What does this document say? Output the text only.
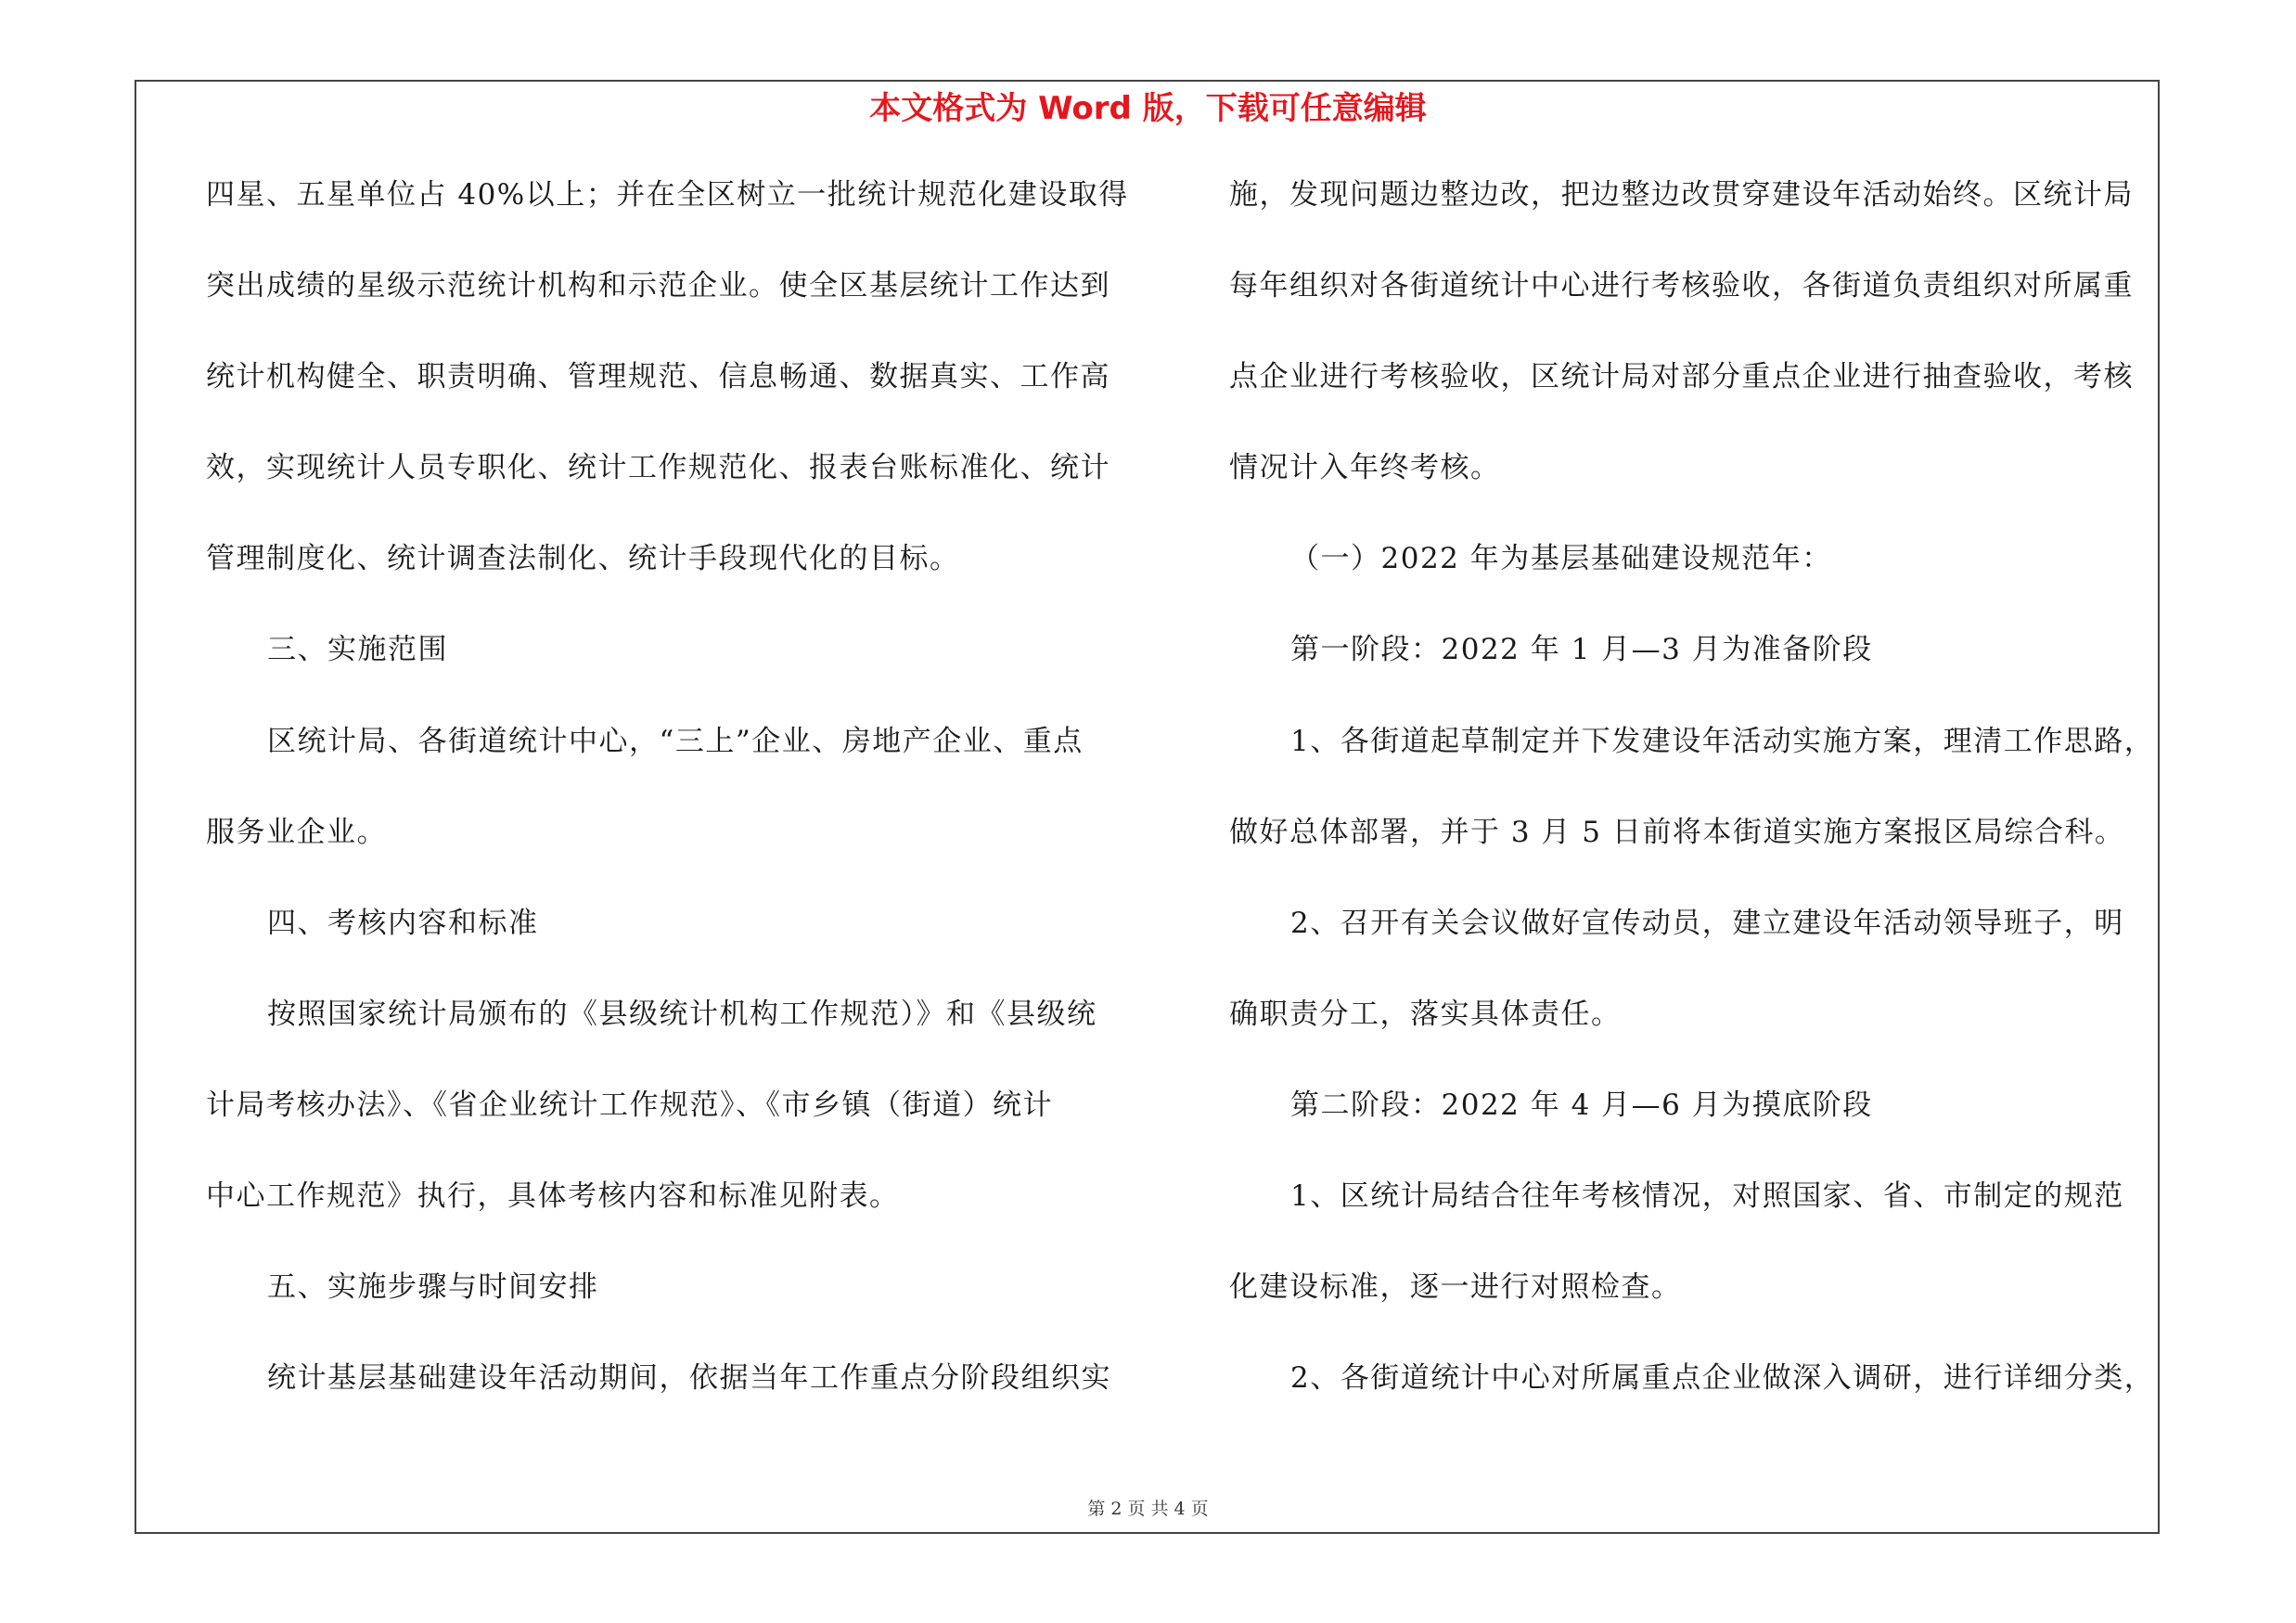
本文格式为 Word 版，下载可任意编辑
四星、五星单位占 40%以上；并在全区树立一批统计规范化建设取得
突出成绩的星级示范统计机构和示范企业。使全区基层统计工作达到
统计机构健全、职责明确、管理规范、信息畅通、数据真实、工作高
效，实现统计人员专职化、统计工作规范化、报表台账标准化、统计
管理制度化、统计调查法制化、统计手段现代化的目标。
三、实施范围
区统计局、各街道统计中心，“三上”企业、房地产企业、重点
服务业企业。
四、考核内容和标准
按照国家统计局颁布的《县级统计机构工作规范）》和《县级统
计局考核办法》、《省企业统计工作规范》、《市乡镇（街道）统计
中心工作规范》执行，具体考核内容和标准见附表。
五、实施步骤与时间安排
统计基层基础建设年活动期间，依据当年工作重点分阶段组织实
施，发现问题边整边改，把边整边改贯穿建设年活动始终。区统计局
每年组织对各街道统计中心进行考核验收，各街道负责组织对所属重
点企业进行考核验收，区统计局对部分重点企业进行抽查验收，考核
情况计入年终考核。
（一）2022 年为基层基础建设规范年：
第一阶段：2022 年 1 月—3 月为准备阶段
1、各街道起草制定并下发建设年活动实施方案，理清工作思路，
做好总体部署，并于 3 月 5 日前将本街道实施方案报区局综合科。
2、召开有关会议做好宣传动员，建立建设年活动领导班子，明
确职责分工，落实具体责任。
第二阶段：2022 年 4 月—6 月为摸底阶段
1、区统计局结合往年考核情况，对照国家、省、市制定的规范
化建设标准，逐一进行对照检查。
2、各街道统计中心对所属重点企业做深入调研，进行详细分类，
第 2 页 共 4 页
